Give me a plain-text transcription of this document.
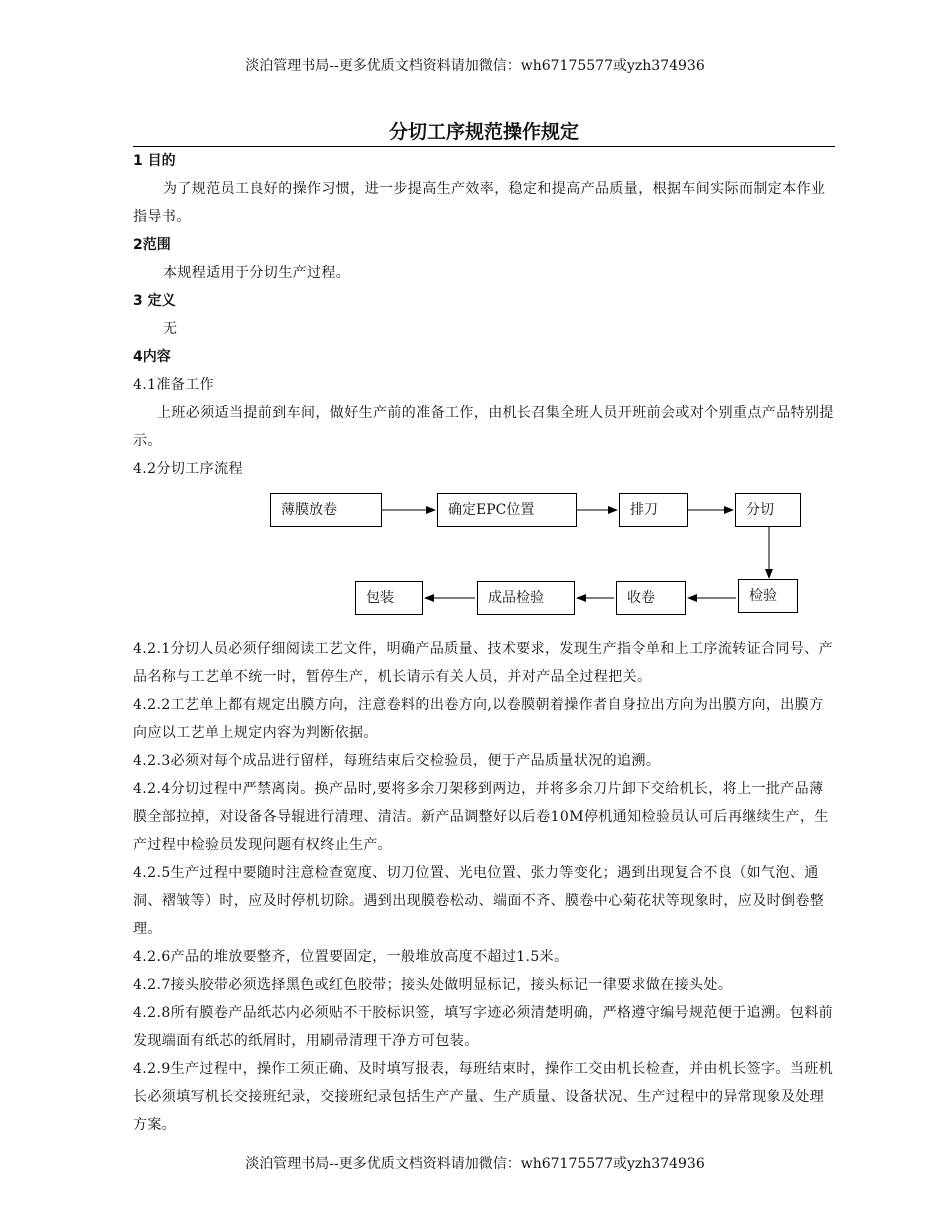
淡泊管理书局--更多优质文档资料请加微信：wh67175577或yzh374936
分切工序规范操作规定

1 目的

为了规范员工良好的操作习惯，进一步提高生产效率，稳定和提高产品质量，根据车间实际而制定本作业指导书。

2范围

本规程适用于分切生产过程。

3 定义

无

4内容

4.1准备工作

上班必须适当提前到车间，做好生产前的准备工作，由机长召集全班人员开班前会或对个别重点产品特别提示。

4.2分切工序流程

薄膜放卷	确定EPC位置	排刀	分切
检验
收卷
成品检验
包装

4.2.1分切人员必须仔细阅读工艺文件，明确产品质量、技术要求，发现生产指令单和上工序流转证合同号、产品名称与工艺单不统一时，暂停生产，机长请示有关人员，并对产品全过程把关。

4.2.2工艺单上都有规定出膜方向，注意卷料的出卷方向,以卷膜朝着操作者自身拉出方向为出膜方向，出膜方向应以工艺单上规定内容为判断依据。

4.2.3必须对每个成品进行留样，每班结束后交检验员，便于产品质量状况的追溯。

4.2.4分切过程中严禁离岗。换产品时,要将多余刀架移到两边，并将多余刀片卸下交给机长，将上一批产品薄膜全部拉掉，对设备各导辊进行清理、清洁。新产品调整好以后卷10M停机通知检验员认可后再继续生产，生产过程中检验员发现问题有权终止生产。

4.2.5生产过程中要随时注意检查宽度、切刀位置、光电位置、张力等变化；遇到出现复合不良（如气泡、通洞、褶皱等）时，应及时停机切除。遇到出现膜卷松动、端面不齐、膜卷中心菊花状等现象时，应及时倒卷整理。

4.2.6产品的堆放要整齐，位置要固定，一般堆放高度不超过1.5米。

4.2.7接头胶带必须选择黑色或红色胶带；接头处做明显标记，接头标记一律要求做在接头处。

4.2.8所有膜卷产品纸芯内必须贴不干胶标识签，填写字迹必须清楚明确，严格遵守编号规范便于追溯。包料前发现端面有纸芯的纸屑时，用刷帚清理干净方可包装。

4.2.9生产过程中，操作工须正确、及时填写报表，每班结束时，操作工交由机长检查，并由机长签字。当班机长必须填写机长交接班纪录，交接班纪录包括生产产量、生产质量、设备状况、生产过程中的异常现象及处理方案。

淡泊管理书局--更多优质文档资料请加微信：wh67175577或yzh374936
